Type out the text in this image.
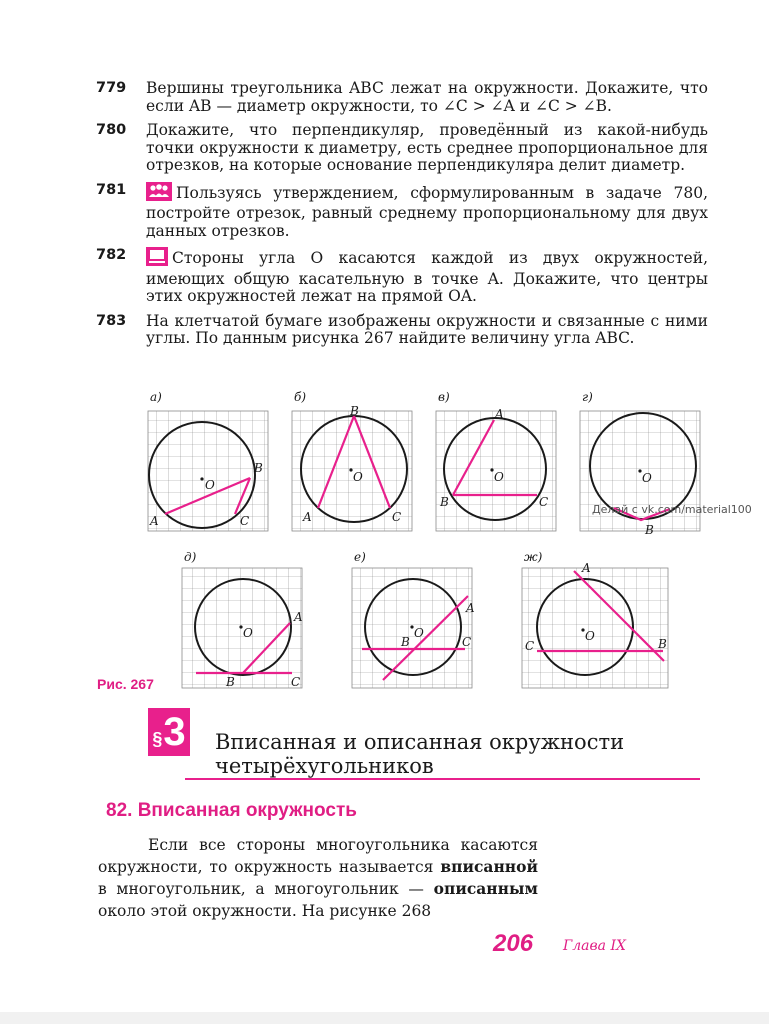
779	Вершины треугольника ABC лежат на окружности. Докажите, что если AB — диаметр окружности, то ∠C > ∠A и ∠C > ∠B.
780	Докажите, что перпендикуляр, проведённый из какой-нибудь точки окружности к диаметру, есть среднее пропорциональное для отрезков, на которые основание перпендикуляра делит диаметр.
781	Пользуясь утверждением, сформулированным в задаче 780, постройте отрезок, равный среднему пропорциональному для двух данных отрезков.
782	Стороны угла O касаются каждой из двух окружностей, имеющих общую касательную в точке A. Докажите, что центры этих окружностей лежат на прямой OA.
783	На клетчатой бумаге изображены окружности и связанные с ними углы. По данным рисунка 267 найдите величину угла ABC.
а)
O
A
B
C
б)
O
A
B
C
в)
O
A
B	C
г)
O
B
д)
O
A
B	C
е)
O
A
B	C
ж)
O
A
B
C
Делай с vk.com/material100
Рис. 267
§ 3 Вписанная и описанная окружности
четырёхугольников
82. Вписанная окружность
Если все стороны многоугольника касаются окружности, то окружность называется вписанной в многоугольник, а многоугольник — описанным около этой окружности. На рисунке 268
206 Глава IX
